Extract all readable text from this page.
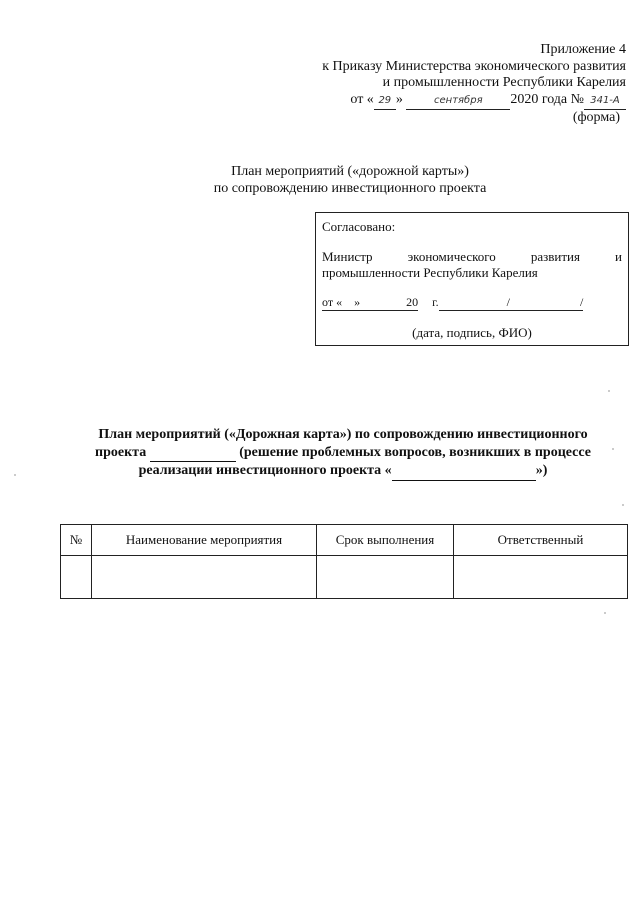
Приложение 4
к Приказу Министерства экономического развития
и промышленности Республики Карелия
от « 29 »	сентября 2020 года № 341-А
(форма)
План мероприятий («дорожной карты»)
по сопровождению инвестиционного проекта
Согласовано:
Министр	экономического	развития	и
промышленности Республики Карелия
от « »	20 г.	/	/
(дата, подпись, ФИО)
План мероприятий («Дорожная карта») по сопровождению инвестиционного
проекта	(решение проблемных вопросов, возникших в процессе
реализации инвестиционного проекта «	»)
№	Наименование мероприятия	Срок выполнения	Ответственный
